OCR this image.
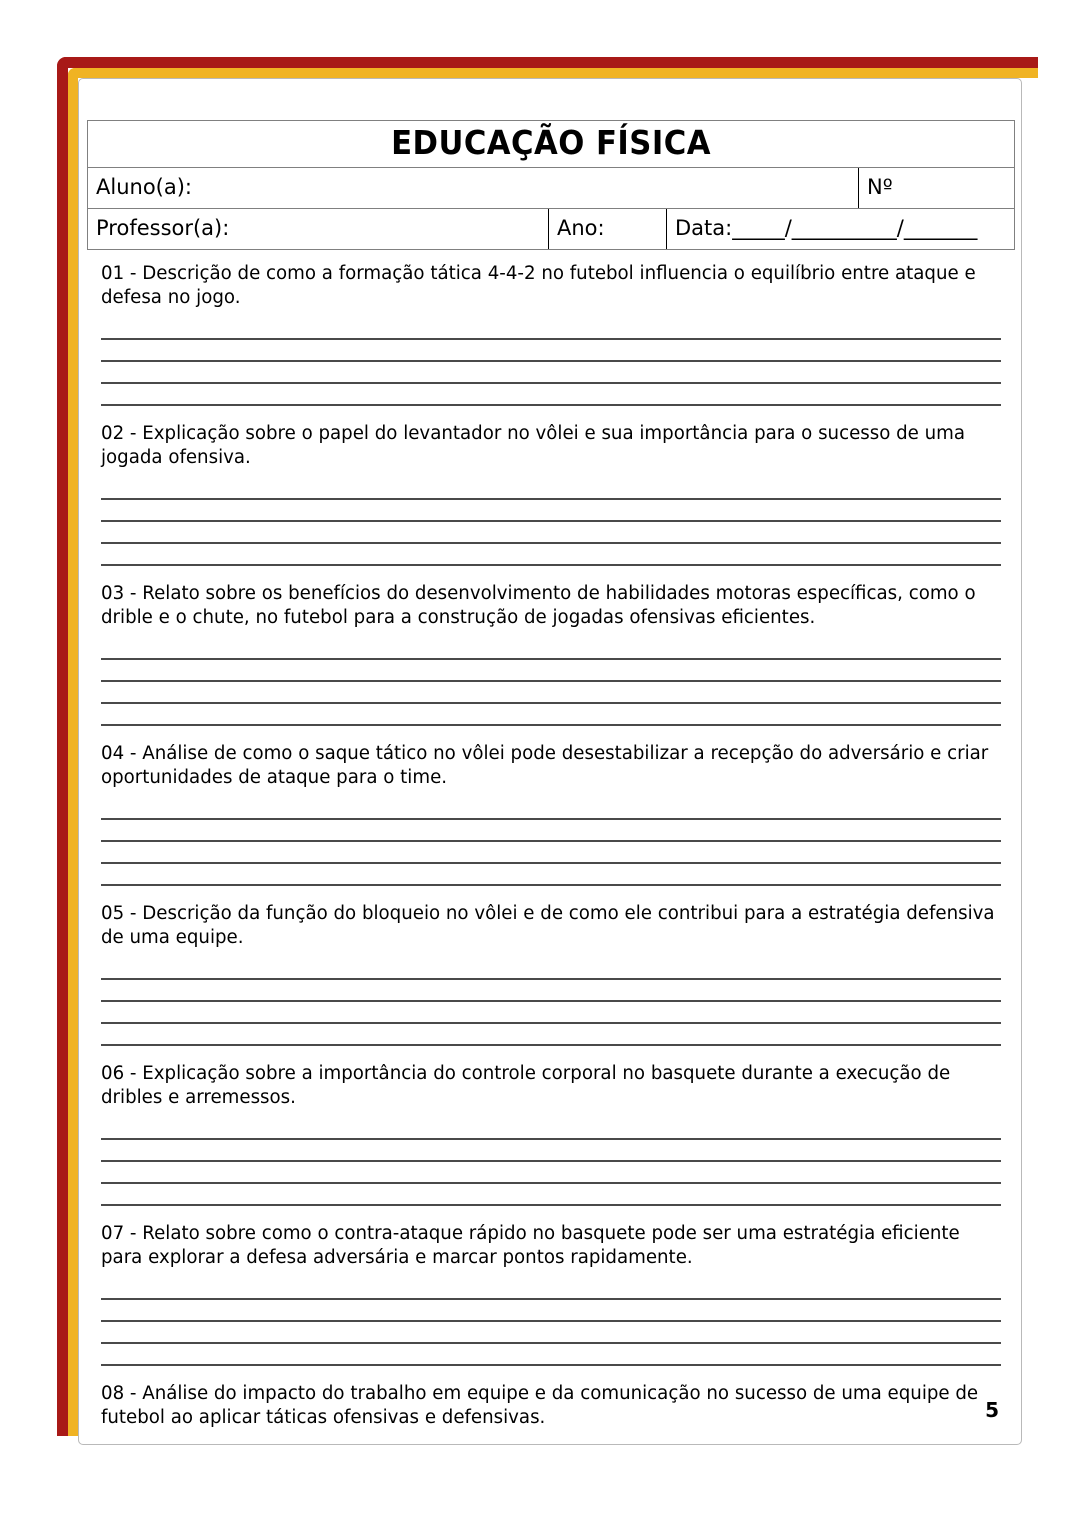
EDUCAÇÃO FÍSICA
Aluno(a):	Nº
Professor(a):	Ano:	Data:_____/__________/_______

01 - Descrição de como a formação tática 4-4-2 no futebol influencia o equilíbrio entre ataque e defesa no jogo.

02 - Explicação sobre o papel do levantador no vôlei e sua importância para o sucesso de uma jogada ofensiva.

03 - Relato sobre os benefícios do desenvolvimento de habilidades motoras específicas, como o drible e o chute, no futebol para a construção de jogadas ofensivas eficientes.

04 - Análise de como o saque tático no vôlei pode desestabilizar a recepção do adversário e criar oportunidades de ataque para o time.

05 - Descrição da função do bloqueio no vôlei e de como ele contribui para a estratégia defensiva de uma equipe.

06 - Explicação sobre a importância do controle corporal no basquete durante a execução de dribles e arremessos.

07 - Relato sobre como o contra-ataque rápido no basquete pode ser uma estratégia eficiente para explorar a defesa adversária e marcar pontos rapidamente.

08 - Análise do impacto do trabalho em equipe e da comunicação no sucesso de uma equipe de futebol ao aplicar táticas ofensivas e defensivas.	5
